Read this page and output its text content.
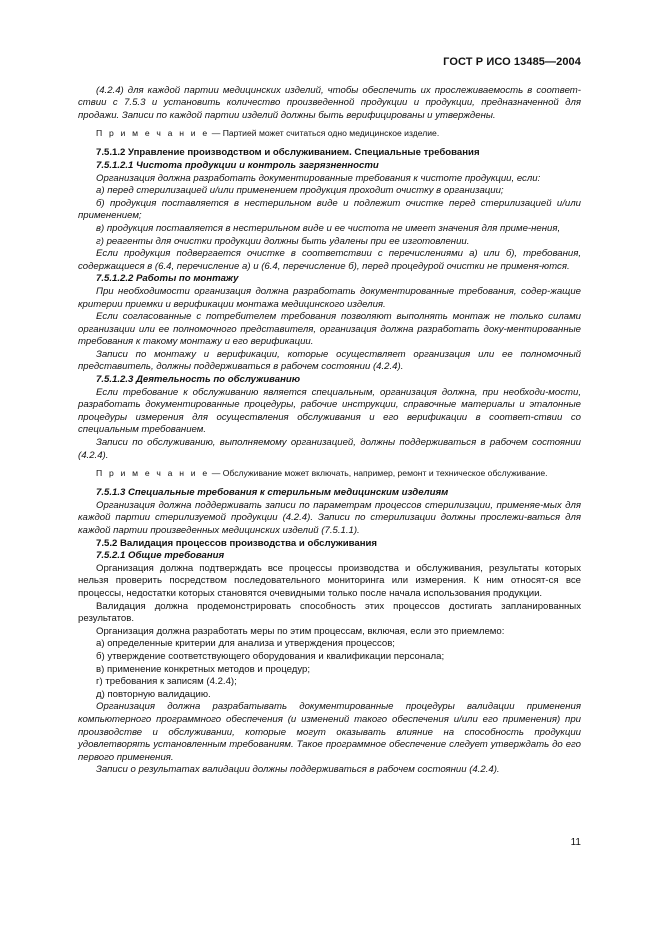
ГОСТ Р ИСО 13485—2004

(4.2.4) для каждой партии медицинских изделий, чтобы обеспечить их прослеживаемость в соответ-ствии с 7.5.3 и установить количество произведенной продукции и продукции, предназначенной для продажи. Записи по каждой партии изделий должны быть верифицированы и утверждены.

П р и м е ч а н и е — Партией может считаться одно медицинское изделие.

7.5.1.2 Управление производством и обслуживанием. Специальные требования

7.5.1.2.1 Чистота продукции и контроль загрязненности

Организация должна разработать документированные требования к чистоте продукции, если:

а) перед стерилизацией и/или применением продукция проходит очистку в организации;

б) продукция поставляется в нестерильном виде и подлежит очистке перед стерилизацией и/или применением;

в) продукция поставляется в нестерильном виде и ее чистота не имеет значения для приме-нения,

г) реагенты для очистки продукции должны быть удалены при ее изготовлении.

Если продукция подвергается очистке в соответствии с перечислениями а) или б), требования, содержащиеся в (6.4, перечисление а) и (6.4, перечисление б), перед процедурой очистки не применя-ются.

7.5.1.2.2 Работы по монтажу

При необходимости организация должна разработать документированные требования, содер-жащие критерии приемки и верификации монтажа медицинского изделия.

Если согласованные с потребителем требования позволяют выполнять монтаж не только силами организации или ее полномочного представителя, организация должна разработать доку-ментированные требования к такому монтажу и его верификации.

Записи по монтажу и верификации, которые осуществляет организация или ее полномочный представитель, должны поддерживаться в рабочем состоянии (4.2.4).

7.5.1.2.3 Деятельность по обслуживанию

Если требование к обслуживанию является специальным, организация должна, при необходи-мости, разработать документированные процедуры, рабочие инструкции, справочные материалы и эталонные процедуры измерения для осуществления обслуживания и его верификации в соответ-ствии со специальным требованием.

Записи по обслуживанию, выполняемому организацией, должны поддерживаться в рабочем состоянии (4.2.4).

П р и м е ч а н и е — Обслуживание может включать, например, ремонт и техническое обслуживание.

7.5.1.3 Специальные требования к стерильным медицинским изделиям

Организация должна поддерживать записи по параметрам процессов стерилизации, применяе-мых для каждой партии стерилизуемой продукции (4.2.4). Записи по стерилизации должны прослежи-ваться для каждой партии произведенных медицинских изделий (7.5.1.1).

7.5.2 Валидация процессов производства и обслуживания

7.5.2.1 Общие требования

Организация должна подтверждать все процессы производства и обслуживания, результаты которых нельзя проверить посредством последовательного мониторинга или измерения. К ним относят-ся все процессы, недостатки которых становятся очевидными только после начала использования продукции.

Валидация должна продемонстрировать способность этих процессов достигать запланированных результатов.

Организация должна разработать меры по этим процессам, включая, если это приемлемо:

а) определенные критерии для анализа и утверждения процессов;

б) утверждение соответствующего оборудования и квалификации персонала;

в) применение конкретных методов и процедур;

г) требования к записям (4.2.4);

д) повторную валидацию.

Организация должна разрабатывать документированные процедуры валидации применения компьютерного программного обеспечения (и изменений такого обеспечения и/или его применения) при производстве и обслуживании, которые могут оказывать влияние на способность продукции удовлетворять установленным требованиям. Такое программное обеспечение следует утверждать до его первого применения.

Записи о результатах валидации должны поддерживаться в рабочем состоянии (4.2.4).

11
